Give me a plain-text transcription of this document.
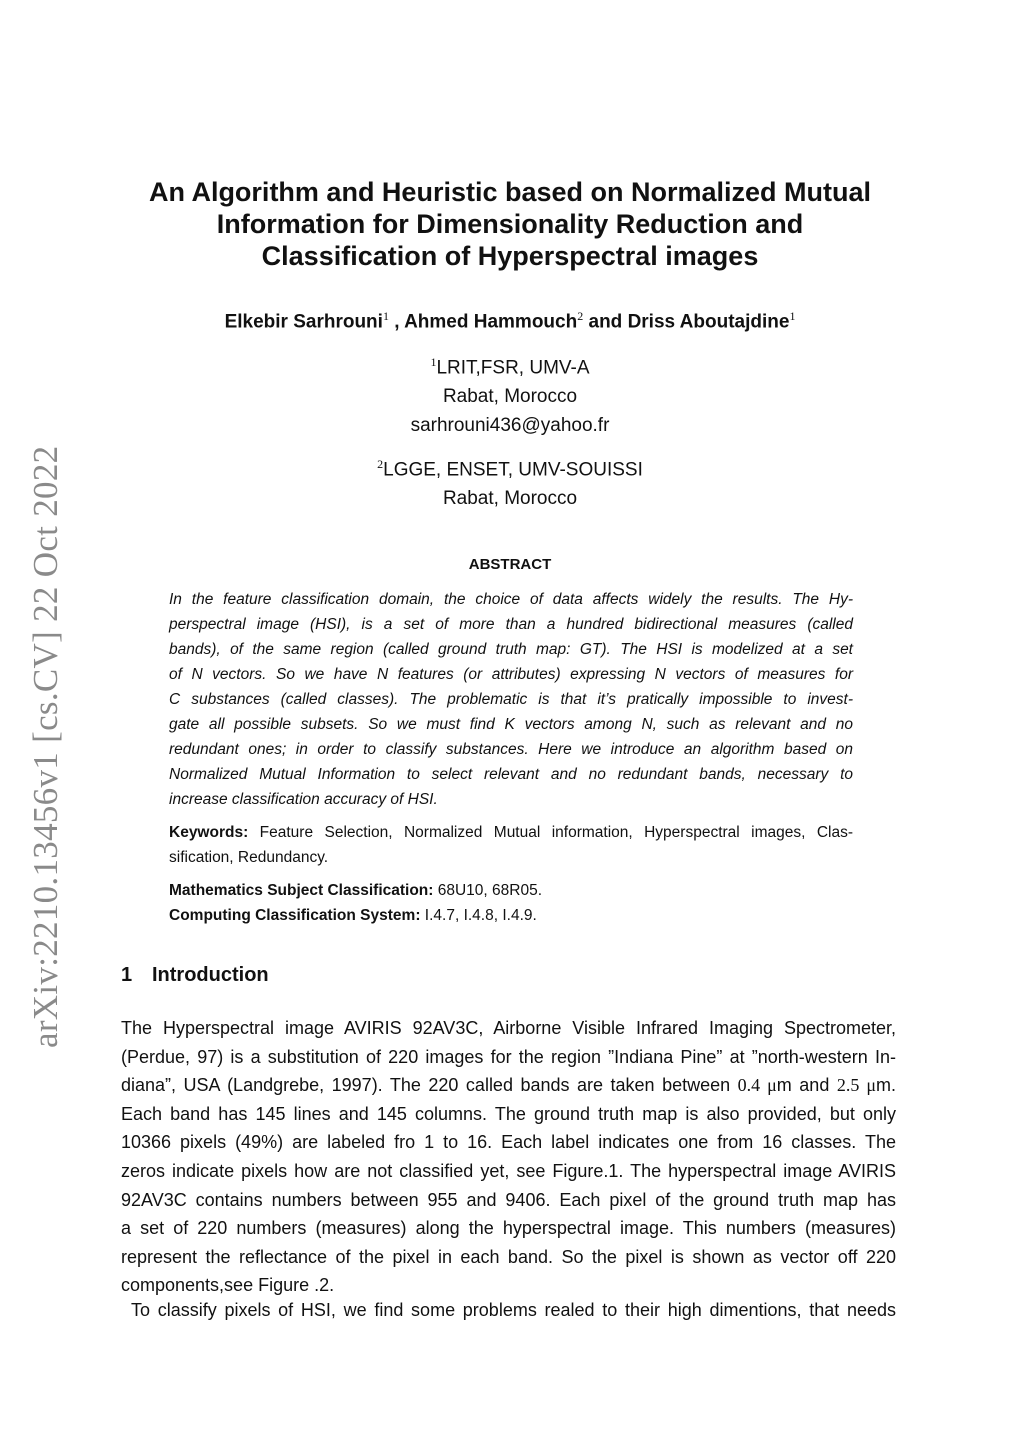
arXiv:2210.13456v1 [cs.CV] 22 Oct 2022
An Algorithm and Heuristic based on Normalized Mutual
Information for Dimensionality Reduction and
Classification of Hyperspectral images
Elkebir Sarhrouni$^1$ , Ahmed Hammouch$^2$ and Driss Aboutajdine$^1$
$^1$LRIT,FSR, UMV-A
Rabat, Morocco
sarhrouni436@yahoo.fr
$^2$LGGE, ENSET, UMV-SOUISSI
Rabat, Morocco
ABSTRACT
In the feature classification domain, the choice of data affects widely the results. The Hy-
perspectral image (HSI), is a set of more than a hundred bidirectional measures (called
bands), of the same region (called ground truth map: GT). The HSI is modelized at a set
of N vectors. So we have N features (or attributes) expressing N vectors of measures for
C substances (called classes). The problematic is that it’s pratically impossible to invest-
gate all possible subsets. So we must find K vectors among N, such as relevant and no
redundant ones; in order to classify substances. Here we introduce an algorithm based on
Normalized Mutual Information to select relevant and no redundant bands, necessary to
increase classification accuracy of HSI.
Keywords: Feature Selection, Normalized Mutual information, Hyperspectral images, Clas-
sification, Redundancy.
Mathematics Subject Classification: 68U10, 68R05.
Computing Classification System: I.4.7, I.4.8, I.4.9.
1 Introduction
The Hyperspectral image AVIRIS 92AV3C, Airborne Visible Infrared Imaging Spectrometer,
(Perdue, 97) is a substitution of 220 images for the region ”Indiana Pine” at ”north-western In-
diana”, USA (Landgrebe, 1997). The 220 called bands are taken between 0.4 μm and 2.5 μm.
Each band has 145 lines and 145 columns. The ground truth map is also provided, but only
10366 pixels (49%) are labeled fro 1 to 16. Each label indicates one from 16 classes. The
zeros indicate pixels how are not classified yet, see Figure.1. The hyperspectral image AVIRIS
92AV3C contains numbers between 955 and 9406. Each pixel of the ground truth map has
a set of 220 numbers (measures) along the hyperspectral image. This numbers (measures)
represent the reflectance of the pixel in each band. So the pixel is shown as vector off 220
components,see Figure .2.
To classify pixels of HSI, we find some problems realed to their high dimentions, that needs
